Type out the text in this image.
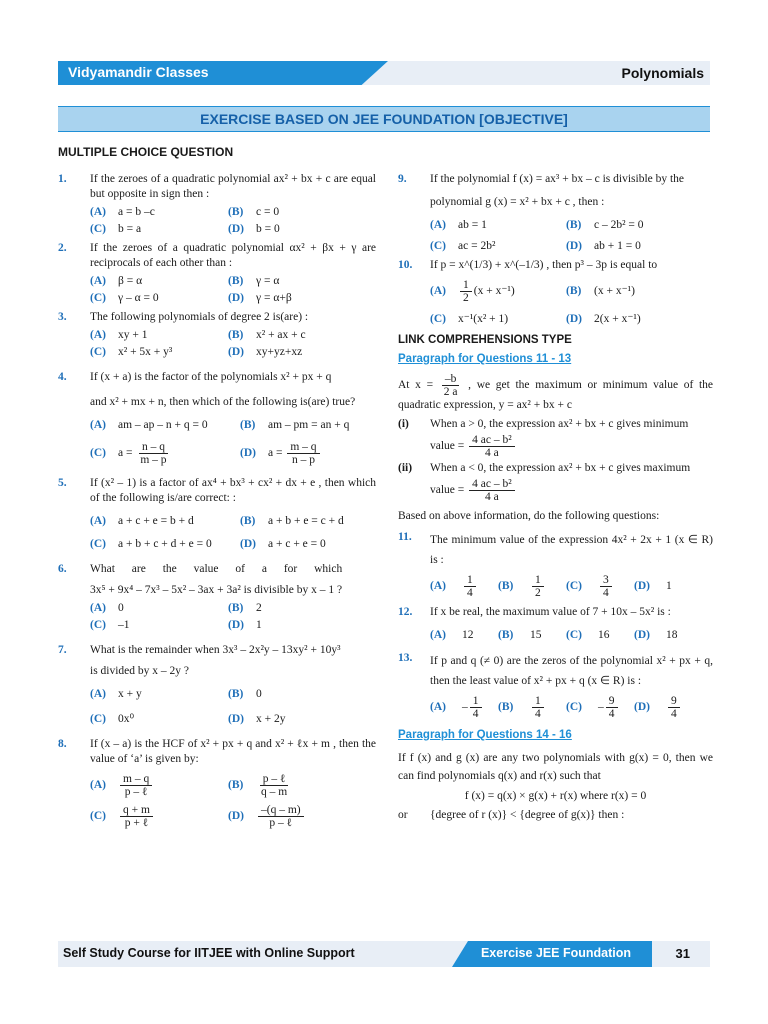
Vidyamandir Classes	Polynomials
EXERCISE BASED ON JEE FOUNDATION [OBJECTIVE]
MULTIPLE CHOICE QUESTION
1.	If the zeroes of a quadratic polynomial ax² + bx + c are equal but opposite in sign then :
(A)	a = b –c	(B)	c = 0
(C)	b = a	(D)	b = 0
2.	If the zeroes of a quadratic polynomial αx² + βx + γ are reciprocals of each other than :
(A)	β = α	(B)	γ = α
(C)	γ – α = 0	(D)	γ = α+β
3.	The following polynomials of degree 2 is(are) :
(A)	xy + 1	(B)	x² + ax + c
(C)	x² + 5x + y³	(D)	xy+yz+xz
4.	If (x + a) is the factor of the polynomials x² + px + q
and x² + mx + n, then which of the following is(are) true?
(A)	am – ap – n + q = 0	(B)	am – pm = an + q
(C)	$a = \frac{n - q}{m - p}$	(D)	$a = \frac{m - q}{n - p}$
5.	If (x² – 1) is a factor of ax⁴ + bx³ + cx² + dx + e , then which of the following is/are correct: :
(A)	a + c + e = b + d	(B)	a + b + e = c + d
(C)	a + b + c + d + e = 0	(D)	a + c + e = 0
6.	What are the value of a for which
3x⁵ + 9x⁴ – 7x³ – 5x² – 3ax + 3a² is divisible by x – 1 ?
(A)	0	(B)	2
(C)	–1	(D)	1
7.	What is the remainder when 3x³ – 2x²y – 13xy² + 10y³
is divided by x – 2y ?
(A)	x + y	(B)	0
(C)	0x⁰	(D)	x + 2y
8.	If (x – a) is the HCF of x² + px + q and x² + ℓx + m , then the value of ‘a’ is given by:
(A)	$\frac{m - q}{\text{p – ℓ}}$	(B)	$\frac{\text{p – ℓ}}{q - m}$
(C)	$\frac{q + m}{\text{p + ℓ}}$	(D)	$\frac{-(q - m)}{\text{p – ℓ}}$
9.	If the polynomial f (x) = ax³ + bx – c is divisible by the
polynomial g (x) = x² + bx + c , then :
(A)	ab = 1	(B)	c – 2b² = 0
(C)	ac = 2b²	(D)	ab + 1 = 0
10.	If p = x^(1/3) + x^(–1/3) , then p³ – 3p is equal to
(A)	$\frac{1}{2} (x + x^{-1})$	(B)	(x + x⁻¹)
(C)	x⁻¹(x² + 1)	(D)	2(x + x⁻¹)
LINK COMPREHENSIONS TYPE
Paragraph for Questions 11 - 13
At $x = \frac{-b}{2 a}$ , we get the maximum or minimum value of the quadratic expression, y = ax² + bx + c
(i)	When a > 0, the expression ax² + bx + c gives minimum
value = $\frac{\text{4 ac – b²}}{4 a}$
(ii)	When a < 0, the expression ax² + bx + c gives maximum
value = $\frac{\text{4 ac – b²}}{4 a}$
Based on above information, do the following questions:
11.	The minimum value of the expression 4x² + 2x + 1 (x ∈ R) is :
(A)	$\frac{1}{4} (B)$	$\frac{1}{2} (C)$	$\frac{3}{4} (D)$	1
12.	If x be real, the maximum value of 7 + 10x – 5x² is :
(A)	12	(B)	15	(C)	16	(D)	18
13.	If p and q (≠ 0) are the zeros of the polynomial x² + px + q, then the least value of x² + px + q (x ∈ R) is :
(A)	– $\frac{1}{4} (B)$	$\frac{1}{4} (C)$	– $\frac{9}{4} (D)$	$\frac{9}{4}$
Paragraph for Questions 14 - 16
If f (x) and g (x) are any two polynomials with g(x) = 0, then we can find polynomials q(x) and r(x) such that
f (x) = q(x) × g(x) + r(x) where r(x) = 0
or	{degree of r (x)} < {degree of g(x)} then :
Self Study Course for IITJEE with Online Support	Exercise JEE Foundation	31
